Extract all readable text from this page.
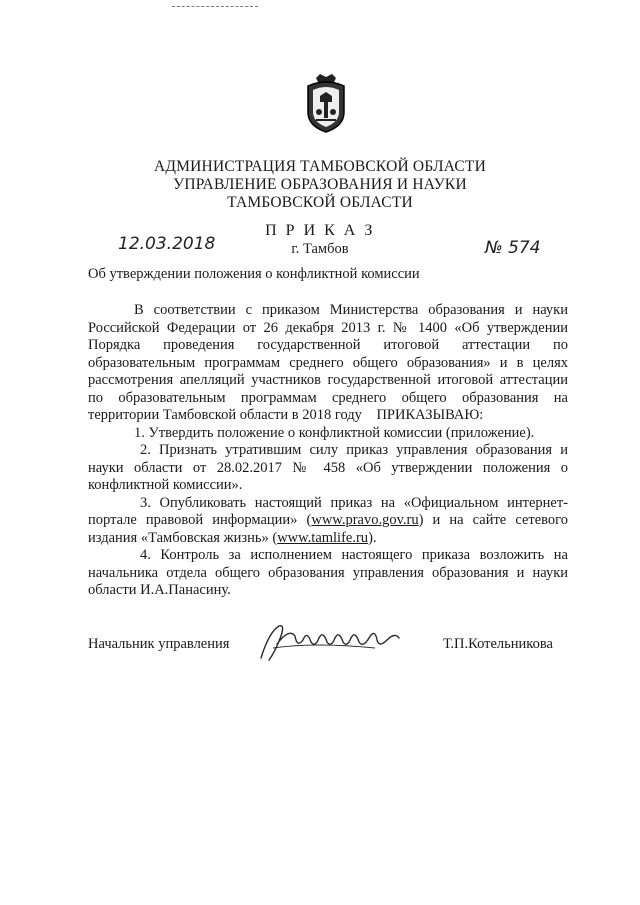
АДМИНИСТРАЦИЯ ТАМБОВСКОЙ ОБЛАСТИ
УПРАВЛЕНИЕ ОБРАЗОВАНИЯ И НАУКИ
ТАМБОВСКОЙ ОБЛАСТИ
П Р И К А З
12.03.2018	г. Тамбов	№ 574
Об утверждении положения о конфликтной комиссии

В соответствии с приказом Министерства образования и науки Российской Федерации от 26 декабря 2013 г. № 1400 «Об утверждении Порядка проведения государственной итоговой аттестации по образовательным программам среднего общего образования» и в целях рассмотрения апелляций участников государственной итоговой аттестации по образовательным программам среднего общего образования на территории Тамбовской области в 2018 году ПРИКАЗЫВАЮ:

1. Утвердить положение о конфликтной комиссии (приложение).

2. Признать утратившим силу приказ управления образования и науки области от 28.02.2017 № 458 «Об утверждении положения о конфликтной комиссии».

3. Опубликовать настоящий приказ на «Официальном интернет-портале правовой информации» (www.pravo.gov.ru) и на сайте сетевого издания «Тамбовская жизнь» (www.tamlife.ru).

4. Контроль за исполнением настоящего приказа возложить на начальника отдела общего образования управления образования и науки области И.А.Панасину.

Начальник управления	Т.П.Котельникова
